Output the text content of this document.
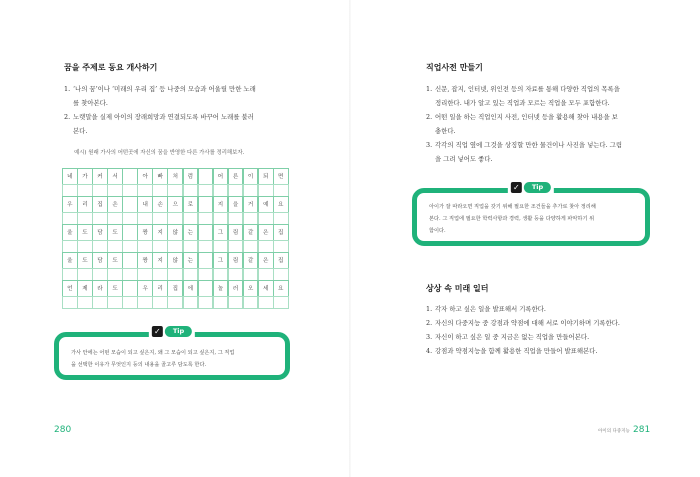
꿈을 주제로 동요 개사하기
1. ‘나의 꿈’이나 ‘미래의 우리 집’ 등 나중의 모습과 어울릴 만한 노래
를 찾아본다.
2. 노랫말을 실제 아이의 장래희망과 연결되도록 바꾸어 노래를 불러
본다.
예시) 원래 가사의 어떤곳에 자신의 꿈을 반영한 다른 가사를 정리해보자.
네	가	커	서	아	빠	처	럼	어	른	이	되	면
우	리	집	은	내	손	으	로	지	을	거	예	요
울	도	담	도	짱	지	않	는	그	림	같	은	집
울	도	담	도	짱	지	않	는	그	림	같	은	집
언	제	라	도	우	리	집	에	놀	러	오	세	요
✓	Tip
가사 안에는 어떤 모습이 되고 싶은지, 왜 그 모습이 되고 싶은지, 그 직업
을 선택한 이유가 무엇인지 등의 내용을 골고루 담도록 한다.
280
직업사전 만들기
1. 신문, 잡지, 인터넷, 위인전 등의 자료를 통해 다양한 직업의 목록을
정리한다. 내가 알고 있는 직업과 모르는 직업을 모두 포함한다.
2. 어떤 일을 하는 직업인지 사전, 인터넷 등을 활용해 찾아 내용을 보
충한다.
3. 각각의 직업 옆에 그것을 상징할 만한 물건이나 사진을 넣는다. 그림
을 그려 넣어도 좋다.
✓	Tip
아이가 잘 따라오면 직업을 갖기 위해 필요한 조건들을 추가로 찾아 정리해
본다. 그 직업에 필요한 학력사항과 경력, 생활 등을 다양하게 파악하기 위
함이다.
상상 속 미래 일터
1. 각자 하고 싶은 일을 발표해서 기록한다.
2. 자신의 다중지능 중 강점과 약점에 대해 서로 이야기하며 기록한다.
3. 자신이 하고 싶은 일 중 지금은 없는 직업을 만들어본다.
4. 강점과 약점지능을 함께 활용한 직업을 만들어 발표해본다.
아이의 다중지능 281
